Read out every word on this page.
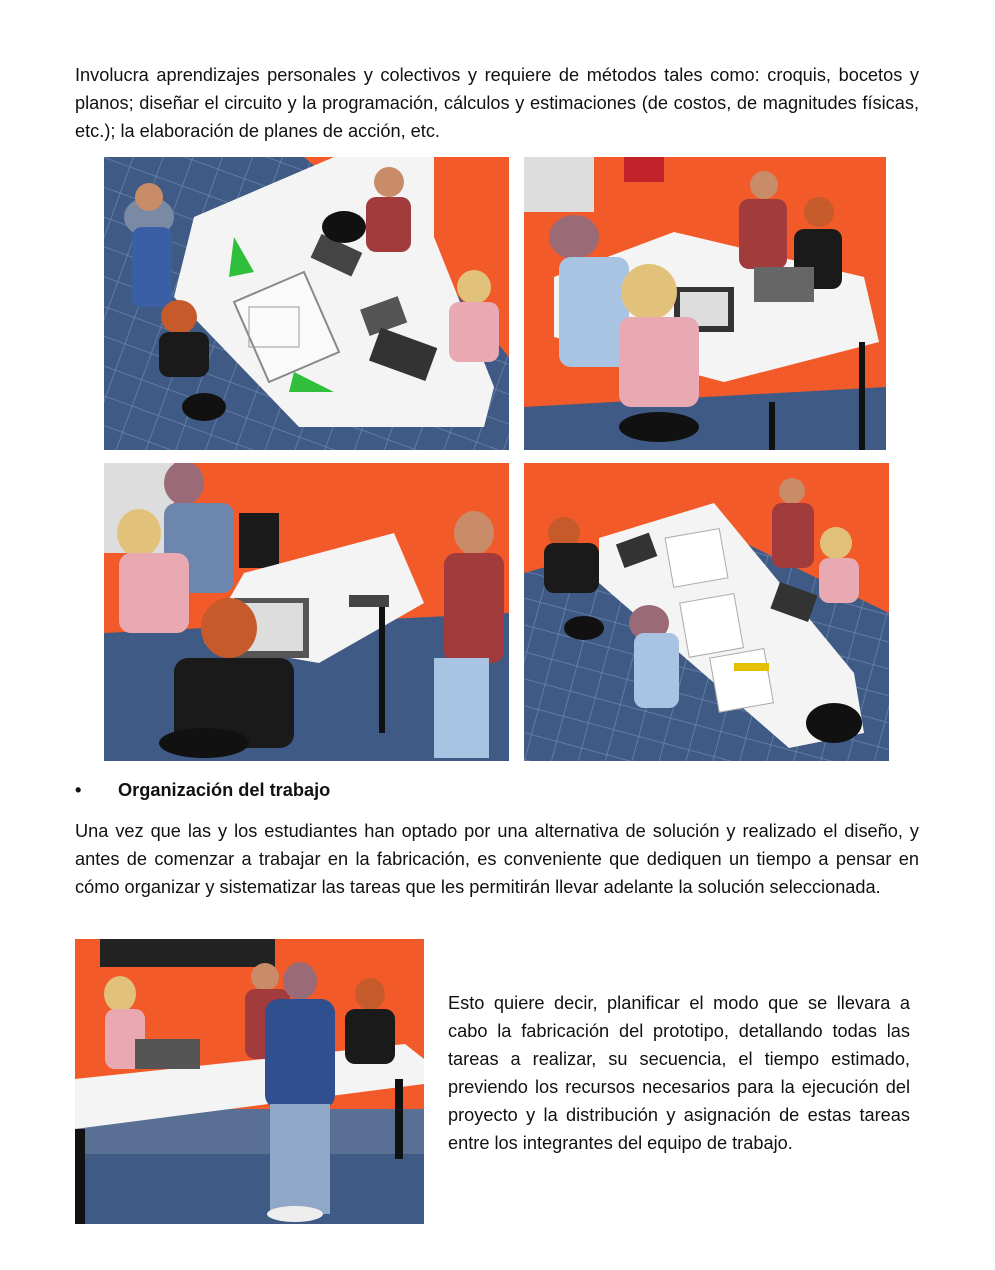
Involucra aprendizajes personales y colectivos y requiere de métodos tales como: croquis, bocetos y planos; diseñar el circuito y la programación, cálculos y estimaciones (de costos, de magnitudes físicas, etc.); la elaboración de planes de acción, etc.

• Organización del trabajo

Una vez que las y los estudiantes han optado por una alternativa de solución y realizado el diseño, y antes de comenzar a trabajar en la fabricación, es conveniente que dediquen un tiempo a pensar en cómo organizar y sistematizar las tareas que les permitirán llevar adelante la solución seleccionada.

Esto quiere decir, planificar el modo que se llevara a cabo la fabricación del prototipo, detallando todas las tareas a realizar, su secuencia, el tiempo estimado, previendo los recursos necesarios para la ejecución del proyecto y la distribución y asignación de estas tareas entre los integrantes del equipo de trabajo.
